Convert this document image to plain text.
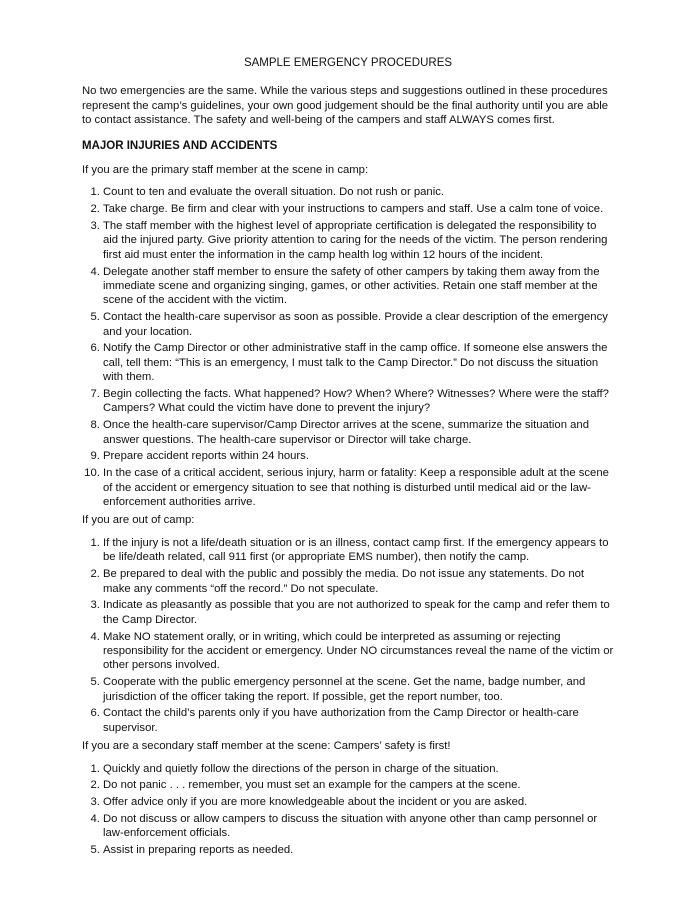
SAMPLE EMERGENCY PROCEDURES

No two emergencies are the same. While the various steps and suggestions outlined in these procedures represent the camp’s guidelines, your own good judgement should be the final authority until you are able to contact assistance. The safety and well-being of the campers and staff ALWAYS comes first.

MAJOR INJURIES AND ACCIDENTS

If you are the primary staff member at the scene in camp:

1. Count to ten and evaluate the overall situation. Do not rush or panic.
2. Take charge. Be firm and clear with your instructions to campers and staff. Use a calm tone of voice.
3. The staff member with the highest level of appropriate certification is delegated the responsibility to aid the injured party. Give priority attention to caring for the needs of the victim. The person rendering first aid must enter the information in the camp health log within 12 hours of the incident.
4. Delegate another staff member to ensure the safety of other campers by taking them away from the immediate scene and organizing singing, games, or other activities. Retain one staff member at the scene of the accident with the victim.
5. Contact the health-care supervisor as soon as possible. Provide a clear description of the emergency and your location.
6. Notify the Camp Director or other administrative staff in the camp office. If someone else answers the call, tell them: “This is an emergency, I must talk to the Camp Director.” Do not discuss the situation with them.
7. Begin collecting the facts. What happened? How? When? Where? Witnesses? Where were the staff? Campers? What could the victim have done to prevent the injury?
8. Once the health-care supervisor/Camp Director arrives at the scene, summarize the situation and answer questions. The health-care supervisor or Director will take charge.
9. Prepare accident reports within 24 hours.
10. In the case of a critical accident, serious injury, harm or fatality: Keep a responsible adult at the scene of the accident or emergency situation to see that nothing is disturbed until medical aid or the law-enforcement authorities arrive.

If you are out of camp:

1. If the injury is not a life/death situation or is an illness, contact camp first. If the emergency appears to be life/death related, call 911 first (or appropriate EMS number), then notify the camp.
2. Be prepared to deal with the public and possibly the media. Do not issue any statements. Do not make any comments “off the record.” Do not speculate.
3. Indicate as pleasantly as possible that you are not authorized to speak for the camp and refer them to the Camp Director.
4. Make NO statement orally, or in writing, which could be interpreted as assuming or rejecting responsibility for the accident or emergency. Under NO circumstances reveal the name of the victim or other persons involved.
5. Cooperate with the public emergency personnel at the scene. Get the name, badge number, and jurisdiction of the officer taking the report. If possible, get the report number, too.
6. Contact the child’s parents only if you have authorization from the Camp Director or health-care supervisor.

If you are a secondary staff member at the scene: Campers’ safety is first!

1. Quickly and quietly follow the directions of the person in charge of the situation.
2. Do not panic . . . remember, you must set an example for the campers at the scene.
3. Offer advice only if you are more knowledgeable about the incident or you are asked.
4. Do not discuss or allow campers to discuss the situation with anyone other than camp personnel or law-enforcement officials.
5. Assist in preparing reports as needed.
